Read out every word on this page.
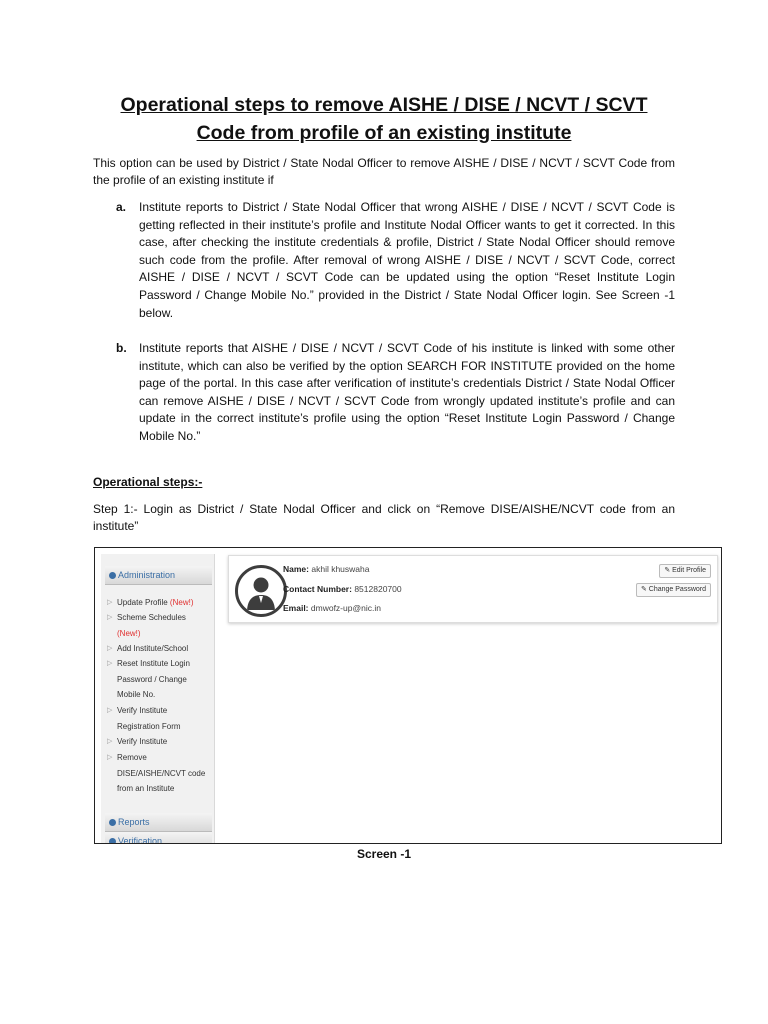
Operational steps to remove AISHE / DISE / NCVT / SCVT
Code from profile of an existing institute
This option can be used by District / State Nodal Officer to remove AISHE / DISE / NCVT / SCVT Code from the profile of an existing institute if
a. Institute reports to District / State Nodal Officer that wrong AISHE / DISE / NCVT / SCVT Code is getting reflected in their institute’s profile and Institute Nodal Officer wants to get it corrected. In this case, after checking the institute credentials & profile, District / State Nodal Officer should remove such code from the profile. After removal of wrong AISHE / DISE / NCVT / SCVT Code, correct AISHE / DISE / NCVT / SCVT Code can be updated using the option “Reset Institute Login Password / Change Mobile No.” provided in the District / State Nodal Officer login. See Screen -1 below.
b. Institute reports that AISHE / DISE / NCVT / SCVT Code of his institute is linked with some other institute, which can also be verified by the option SEARCH FOR INSTITUTE provided on the home page of the portal. In this case after verification of institute’s credentials District / State Nodal Officer can remove AISHE / DISE / NCVT / SCVT Code from wrongly updated institute’s profile and can update in the correct institute’s profile using the option “Reset Institute Login Password / Change Mobile No.”
Operational steps:-
Step 1:- Login as District / State Nodal Officer and click on “Remove DISE/AISHE/NCVT code from an institute”
Administration
▷ Update Profile (New!)
▷ Scheme Schedules
(New!)
▷ Add Institute/School
▷ Reset Institute Login Password / Change Mobile No.
▷ Verify Institute Registration Form
▷ Verify Institute
▷ Remove DISE/AISHE/NCVT code from an Institute
Reports
Verification
Name: akhil khuswaha
Contact Number: 8512820700
Email: dmwofz-up@nic.in
✎ Edit Profile
✎ Change Password
Screen -1
